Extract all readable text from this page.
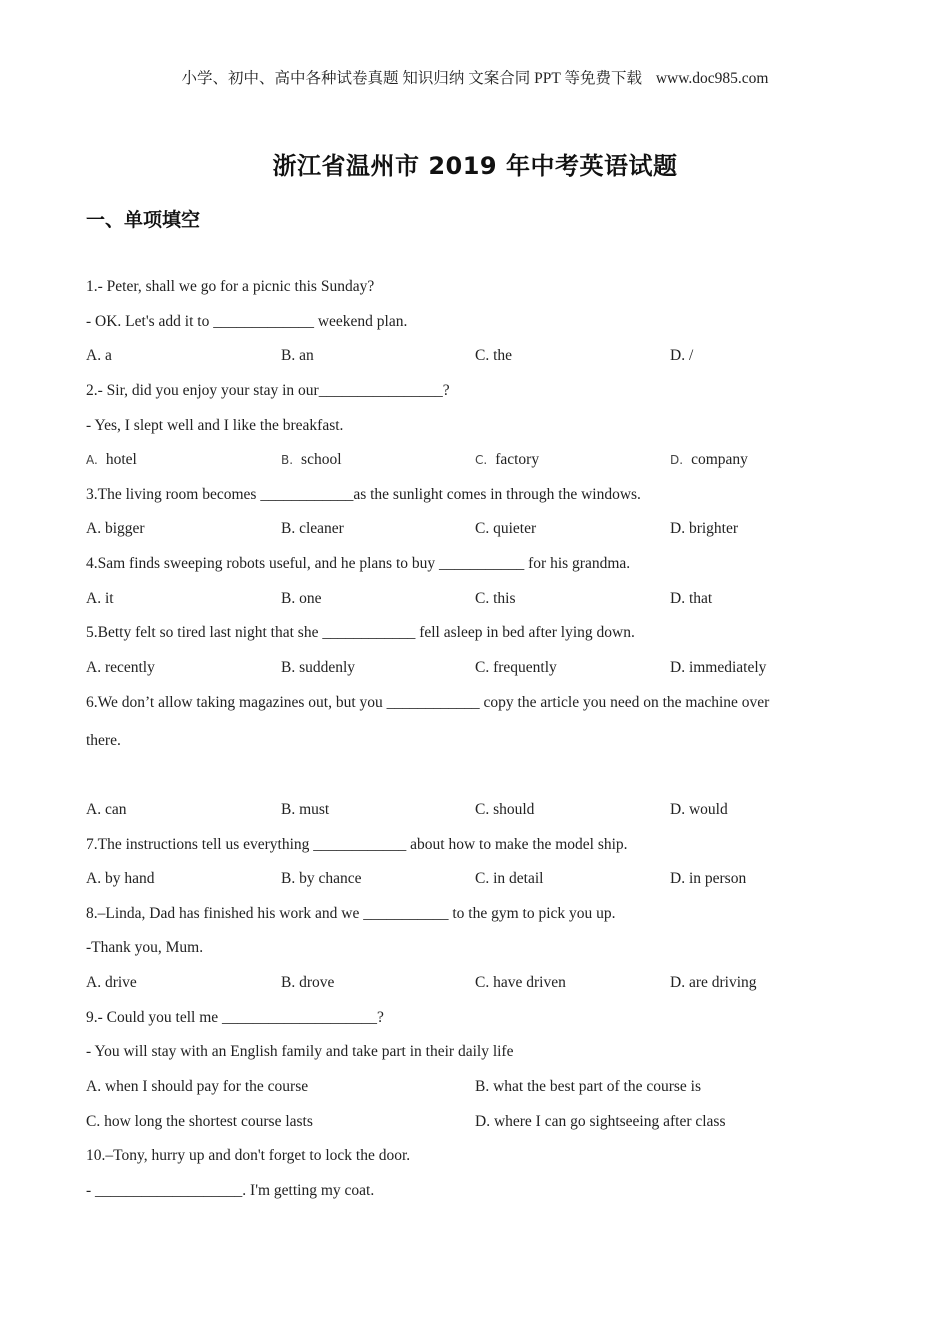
小学、初中、高中各种试卷真题 知识归纳 文案合同 PPT 等免费下载 www.doc985.com
浙江省温州市 2019 年中考英语试题
一、单项填空
1.- Peter, shall we go for a picnic this Sunday?
- OK. Let's add it to _____________ weekend plan.
A. a	B. an	C. the	D. /
2.- Sir, did you enjoy your stay in our________________?
- Yes, I slept well and I like the breakfast.
A. hotel	B. school	C. factory	D. company
3.The living room becomes ____________as the sunlight comes in through the windows.
A. bigger	B. cleaner	C. quieter	D. brighter
4.Sam finds sweeping robots useful, and he plans to buy ___________ for his grandma.
A. it	B. one	C. this	D. that
5.Betty felt so tired last night that she ____________ fell asleep in bed after lying down.
A. recently	B. suddenly	C. frequently	D. immediately
6.We don’t allow taking magazines out, but you ____________ copy the article you need on the machine over
there.
A. can	B. must	C. should	D. would
7.The instructions tell us everything ____________ about how to make the model ship.
A. by hand	B. by chance	C. in detail	D. in person
8.–Linda, Dad has finished his work and we ___________ to the gym to pick you up.
-Thank you, Mum.
A. drive	B. drove	C. have driven	D. are driving
9.- Could you tell me ____________________?
- You will stay with an English family and take part in their daily life
A. when I should pay for the course	B. what the best part of the course is
C. how long the shortest course lasts	D. where I can go sightseeing after class
10.–Tony, hurry up and don't forget to lock the door.
- ___________________. I'm getting my coat.
